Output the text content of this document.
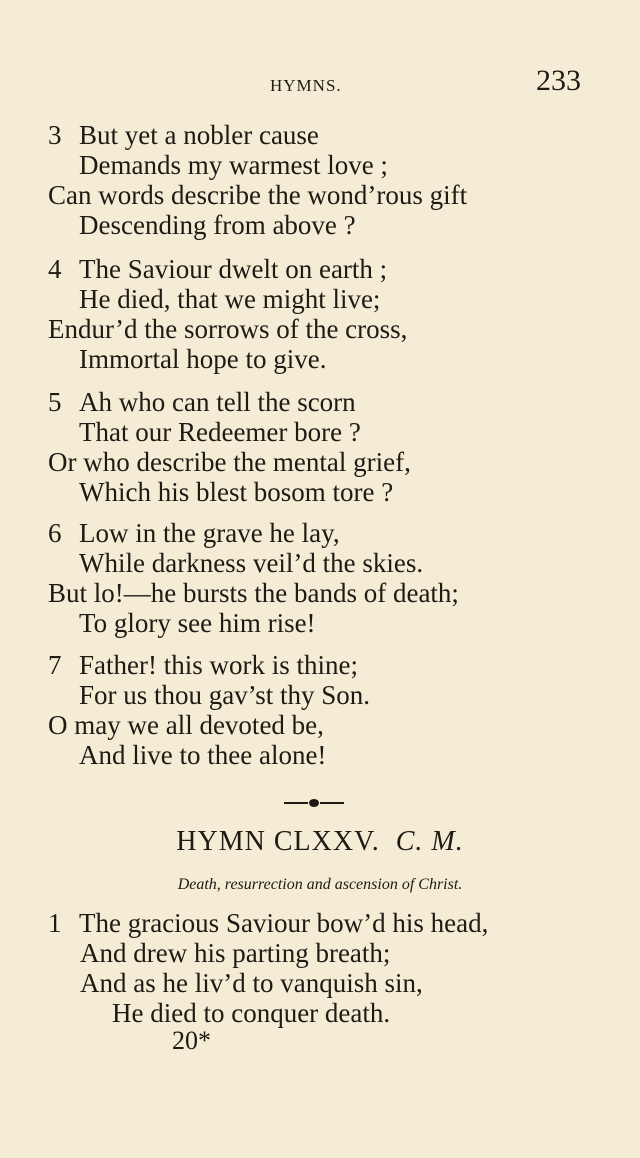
HYMNS.	233
3 But yet a nobler cause
Demands my warmest love ;
Can words describe the wond’rous gift
Descending from above ?
4 The Saviour dwelt on earth ;
He died, that we might live;
Endur’d the sorrows of the cross,
Immortal hope to give.
5 Ah who can tell the scorn
That our Redeemer bore ?
Or who describe the mental grief,
Which his blest bosom tore ?
6 Low in the grave he lay,
While darkness veil’d the skies.
But lo!—he bursts the bands of death;
To glory see him rise!
7 Father! this work is thine;
For us thou gav’st thy Son.
O may we all devoted be,
And live to thee alone!
HYMN CLXXV. C. M.
Death, resurrection and ascension of Christ.
1 The gracious Saviour bow’d his head,
And drew his parting breath;
And as he liv’d to vanquish sin,
He died to conquer death.
20*
